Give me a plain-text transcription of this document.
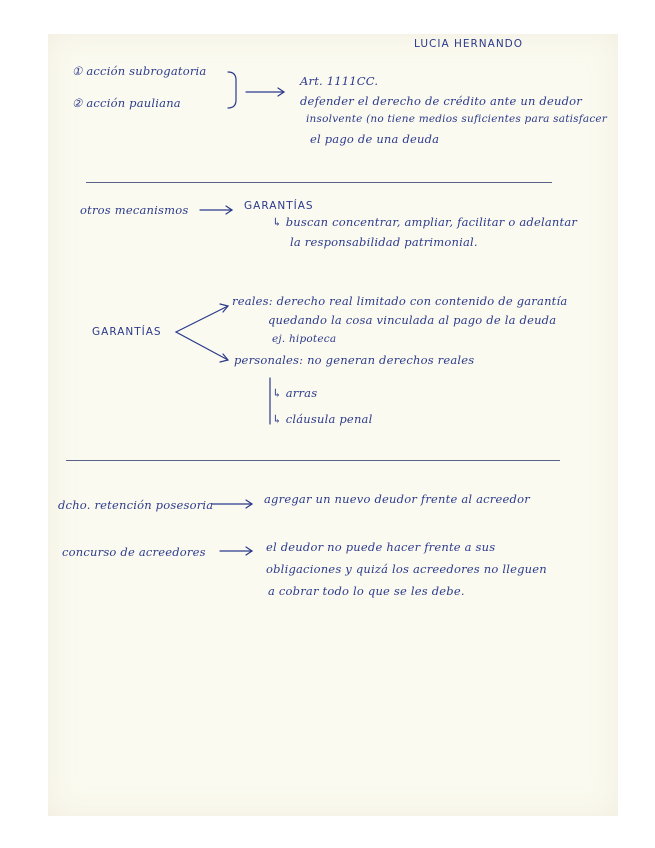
LUCIA HERNANDO
① acción subrogatoria
② acción pauliana
Art. 1111CC.
defender el derecho de crédito ante un deudor
insolvente (no tiene medios suficientes para satisfacer
el pago de una deuda
otros mecanismos	GARANTÍAS
↳ buscan concentrar, ampliar, facilitar o adelantar
la responsabilidad patrimonial.
GARANTÍAS
reales: derecho real limitado con contenido de garantía
quedando la cosa vinculada al pago de la deuda
ej. hipoteca
personales: no generan derechos reales
↳ arras
↳ cláusula penal
dcho. retención posesoria	agregar un nuevo deudor frente al acreedor
concurso de acreedores	el deudor no puede hacer frente a sus
obligaciones y quizá los acreedores no lleguen
a cobrar todo lo que se les debe.
